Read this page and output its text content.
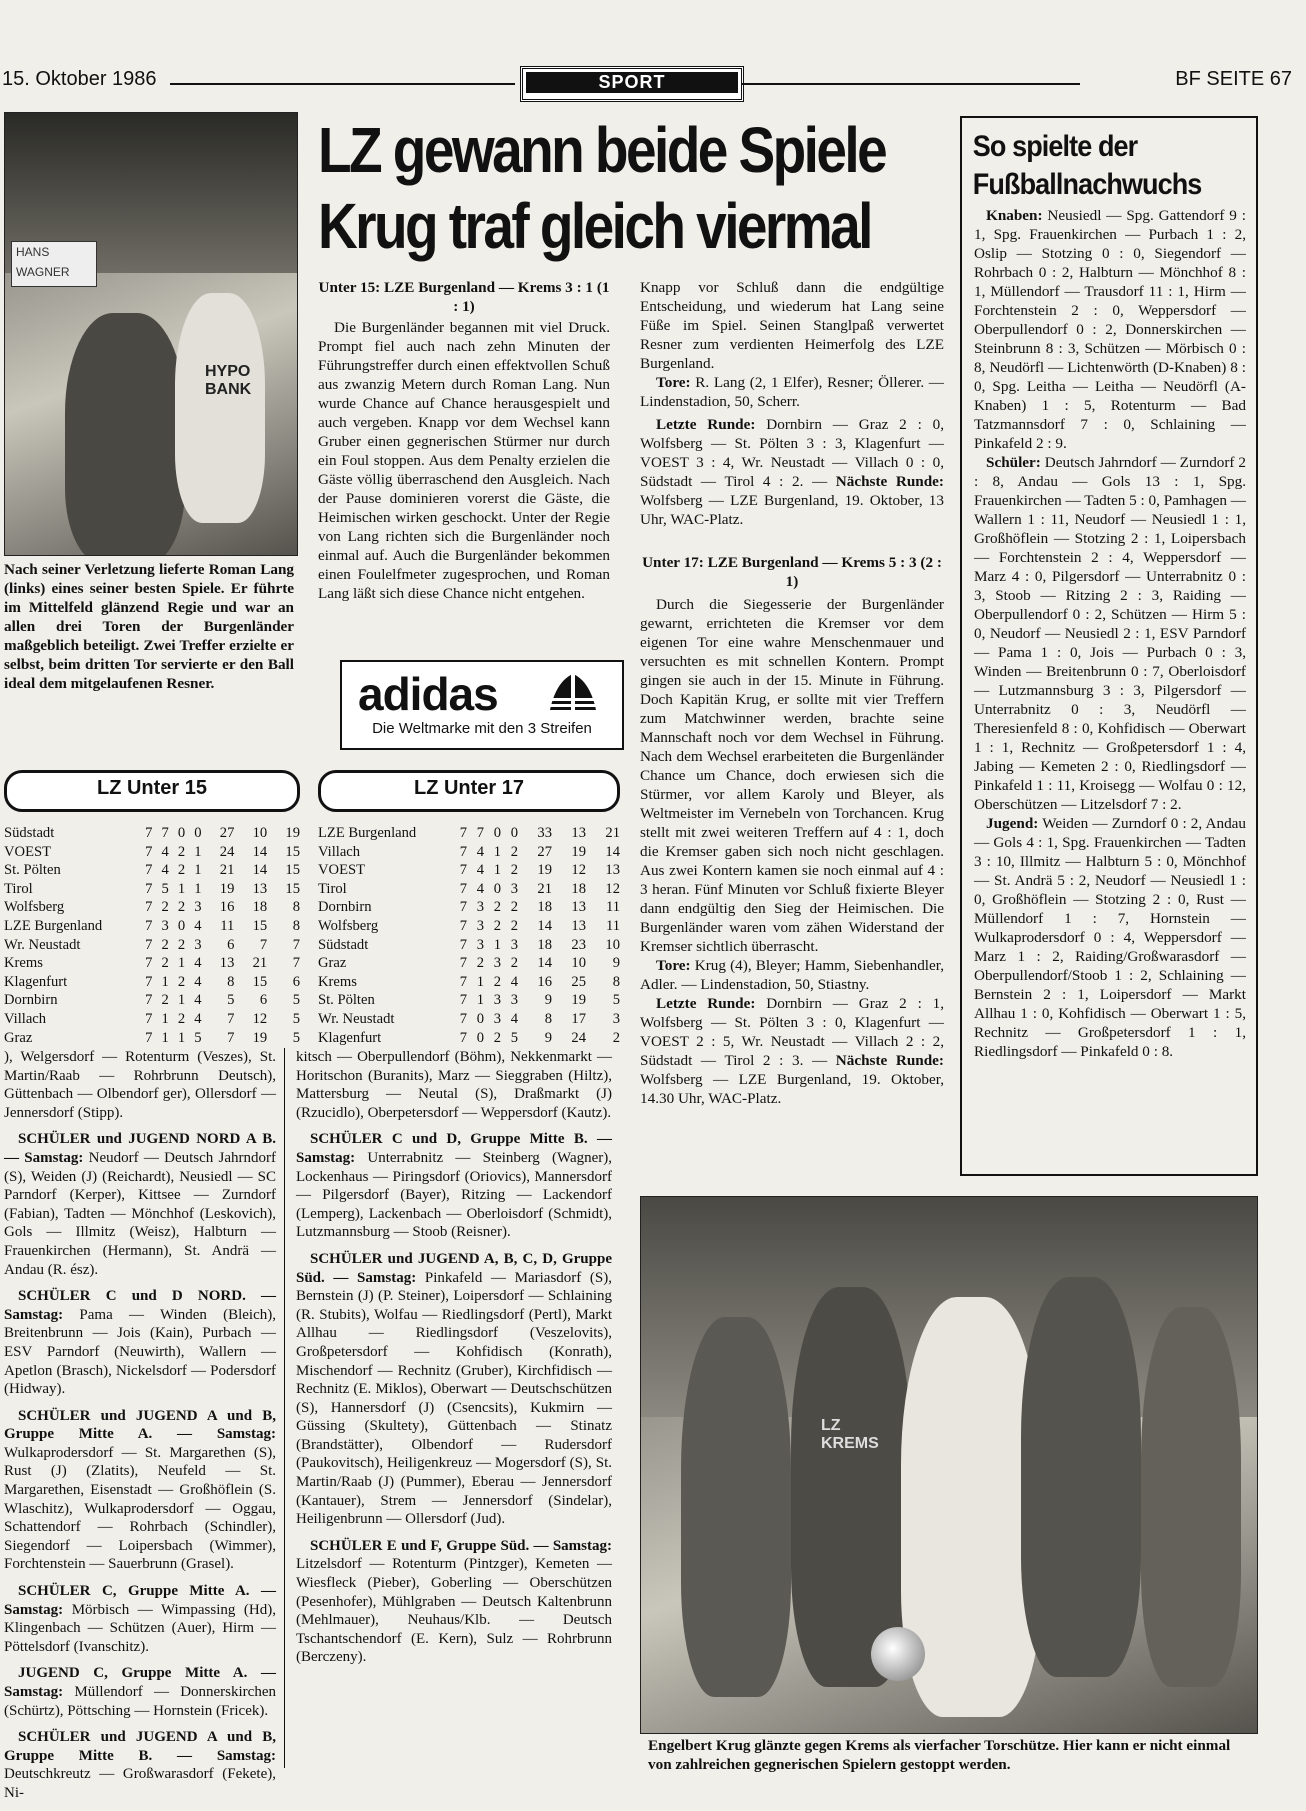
15. Oktober 1986	SPORT	BF SEITE 67
LZ gewann beide Spiele
Krug traf gleich viermal
HANS WAGNER
HYPO BANK
Nach seiner Verletzung lieferte Roman Lang (links) eines seiner besten Spiele. Er führte im Mittelfeld glänzend Regie und war an allen drei Toren der Burgenländer maßgeblich beteiligt. Zwei Treffer erzielte er selbst, beim dritten Tor servierte er den Ball ideal dem mitgelaufenen Resner.

Unter 15: LZE Burgenland — Krems 3 : 1 (1 : 1)

Die Burgenländer begannen mit viel Druck. Prompt fiel auch nach zehn Minuten der Führungstreffer durch einen effektvollen Schuß aus zwanzig Metern durch Roman Lang. Nun wurde Chance auf Chance herausgespielt und auch vergeben. Knapp vor dem Wechsel kann Gruber einen gegnerischen Stürmer nur durch ein Foul stoppen. Aus dem Penalty erzielen die Gäste völlig überraschend den Ausgleich. Nach der Pause dominieren vorerst die Gäste, die Heimischen wirken geschockt. Unter der Regie von Lang richten sich die Burgenländer noch einmal auf. Auch die Burgenländer bekommen einen Foulelfmeter zugesprochen, und Roman Lang läßt sich diese Chance nicht entgehen.

adidas
Die Weltmarke mit den 3 Streifen

Knapp vor Schluß dann die endgültige Entscheidung, und wiederum hat Lang seine Füße im Spiel. Seinen Stanglpaß verwertet Resner zum verdienten Heimerfolg des LZE Burgenland.

Tore: R. Lang (2, 1 Elfer), Resner; Öllerer. — Lindenstadion, 50, Scherr.

Letzte Runde: Dornbirn — Graz 2 : 0, Wolfsberg — St. Pölten 3 : 3, Klagenfurt — VOEST 3 : 4, Wr. Neustadt — Villach 0 : 0, Südstadt — Tirol 4 : 2. — Nächste Runde: Wolfsberg — LZE Burgenland, 19. Oktober, 13 Uhr, WAC-Platz.

Unter 17: LZE Burgenland — Krems 5 : 3 (2 : 1)

Durch die Siegesserie der Burgenländer gewarnt, errichteten die Kremser vor dem eigenen Tor eine wahre Menschenmauer und versuchten es mit schnellen Kontern. Prompt gingen sie auch in der 15. Minute in Führung. Doch Kapitän Krug, er sollte mit vier Treffern zum Matchwinner werden, brachte seine Mannschaft noch vor dem Wechsel in Führung. Nach dem Wechsel erarbeiteten die Burgenländer Chance um Chance, doch erwiesen sich die Stürmer, vor allem Karoly und Bleyer, als Weltmeister im Vernebeln von Torchancen. Krug stellt mit zwei weiteren Treffern auf 4 : 1, doch die Kremser gaben sich noch nicht geschlagen. Aus zwei Kontern kamen sie noch einmal auf 4 : 3 heran. Fünf Minuten vor Schluß fixierte Bleyer dann endgültig den Sieg der Heimischen. Die Burgenländer waren vom zähen Widerstand der Kremser sichtlich überrascht.

Tore: Krug (4), Bleyer; Hamm, Siebenhandler, Adler. — Lindenstadion, 50, Stiastny.

Letzte Runde: Dornbirn — Graz 2 : 1, Wolfsberg — St. Pölten 3 : 0, Klagenfurt — VOEST 2 : 5, Wr. Neustadt — Villach 2 : 2, Südstadt — Tirol 2 : 3. — Nächste Runde: Wolfsberg — LZE Burgenland, 19. Oktober, 14.30 Uhr, WAC-Platz.

So spielte der Fußballnachwuchs

Knaben: Neusiedl — Spg. Gattendorf 9 : 1, Spg. Frauenkirchen — Purbach 1 : 2, Oslip — Stotzing 0 : 0, Siegendorf — Rohrbach 0 : 2, Halbturn — Mönchhof 8 : 1, Müllendorf — Trausdorf 11 : 1, Hirm — Forchtenstein 2 : 0, Weppersdorf — Oberpullendorf 0 : 2, Donnerskirchen — Steinbrunn 8 : 3, Schützen — Mörbisch 0 : 8, Neudörfl — Lichtenwörth (D-Knaben) 8 : 0, Spg. Leitha — Leitha — Neudörfl (A-Knaben) 1 : 5, Rotenturm — Bad Tatzmannsdorf 7 : 0, Schlaining — Pinkafeld 2 : 9.

Schüler: Deutsch Jahrndorf — Zurndorf 2 : 8, Andau — Gols 13 : 1, Spg. Frauenkirchen — Tadten 5 : 0, Pamhagen — Wallern 1 : 11, Neudorf — Neusiedl 1 : 1, Großhöflein — Stotzing 2 : 1, Loipersbach — Forchtenstein 2 : 4, Weppersdorf — Marz 4 : 0, Pilgersdorf — Unterrabnitz 0 : 3, Stoob — Ritzing 2 : 3, Raiding — Oberpullendorf 0 : 2, Schützen — Hirm 5 : 0, Neudorf — Neusiedl 2 : 1, ESV Parndorf — Pama 1 : 0, Jois — Purbach 0 : 3, Winden — Breitenbrunn 0 : 7, Oberloisdorf — Lutzmannsburg 3 : 3, Pilgersdorf — Unterrabnitz 0 : 3, Neudörfl — Theresienfeld 8 : 0, Kohfidisch — Oberwart 1 : 1, Rechnitz — Großpetersdorf 1 : 4, Jabing — Kemeten 2 : 0, Riedlingsdorf — Pinkafeld 1 : 11, Kroisegg — Wolfau 0 : 12, Oberschützen — Litzelsdorf 7 : 2.

Jugend: Weiden — Zurndorf 0 : 2, Andau — Gols 4 : 1, Spg. Frauenkirchen — Tadten 3 : 10, Illmitz — Halbturn 5 : 0, Mönchhof — St. Andrä 5 : 2, Neudorf — Neusiedl 1 : 0, Großhöflein — Stotzing 2 : 0, Rust — Müllendorf 1 : 7, Hornstein — Wulkaprodersdorf 0 : 4, Weppersdorf — Marz 1 : 2, Raiding/Großwarasdorf — Oberpullendorf/Stoob 1 : 2, Schlaining — Bernstein 2 : 1, Loipersdorf — Markt Allhau 1 : 0, Kohfidisch — Oberwart 1 : 5, Rechnitz — Großpetersdorf 1 : 1, Riedlingsdorf — Pinkafeld 0 : 8.

LZ Unter 15
Südstadt	7	7	0	0	27	10	19
VOEST	7	4	2	1	24	14	15
St. Pölten	7	4	2	1	21	14	15
Tirol	7	5	1	1	19	13	15
Wolfsberg	7	2	2	3	16	18	8
LZE Burgenland	7	3	0	4	11	15	8
Wr. Neustadt	7	2	2	3	6	7	7
Krems	7	2	1	4	13	21	7
Klagenfurt	7	1	2	4	8	15	6
Dornbirn	7	2	1	4	5	6	5
Villach	7	1	2	4	7	12	5
Graz	7	1	1	5	7	19	5
LZ Unter 17
LZE Burgenland	7	7	0	0	33	13	21
Villach	7	4	1	2	27	19	14
VOEST	7	4	1	2	19	12	13
Tirol	7	4	0	3	21	18	12
Dornbirn	7	3	2	2	18	13	11
Wolfsberg	7	3	2	2	14	13	11
Südstadt	7	3	1	3	18	23	10
Graz	7	2	3	2	14	10	9
Krems	7	1	2	4	16	25	8
St. Pölten	7	1	3	3	9	19	5
Wr. Neustadt	7	0	3	4	8	17	3
Klagenfurt	7	0	2	5	9	24	2

), Welgersdorf — Rotenturm (Veszes), St. Martin/Raab — Rohrbrunn Deutsch), Güttenbach — Olbendorf ger), Ollersdorf — Jennersdorf (Stipp).

SCHÜLER und JUGEND NORD A B. — Samstag: Neudorf — Deutsch Jahrndorf (S), Weiden (J) (Reichardt), Neusiedl — SC Parndorf (Kerper), Kittsee — Zurndorf (Fabian), Tadten — Mönchhof (Leskovich), Gols — Illmitz (Weisz), Halbturn — Frauenkirchen (Hermann), St. Andrä — Andau (R. ész).

SCHÜLER C und D NORD. — Samstag: Pama — Winden (Bleich), Breitenbrunn — Jois (Kain), Purbach — ESV Parndorf (Neuwirth), Wallern — Apetlon (Brasch), Nickelsdorf — Podersdorf (Hidway).

SCHÜLER und JUGEND A und B, Gruppe Mitte A. — Samstag: Wulkaprodersdorf — St. Margarethen (S), Rust (J) (Zlatits), Neufeld — St. Margarethen, Eisenstadt — Großhöflein (S. Wlaschitz), Wulkaprodersdorf — Oggau, Schattendorf — Rohrbach (Schindler), Siegendorf — Loipersbach (Wimmer), Forchtenstein — Sauerbrunn (Grasel).

SCHÜLER C, Gruppe Mitte A. — Samstag: Mörbisch — Wimpassing (Hd), Klingenbach — Schützen (Auer), Hirm — Pöttelsdorf (Ivanschitz).

JUGEND C, Gruppe Mitte A. — Samstag: Müllendorf — Donnerskirchen (Schürtz), Pöttsching — Hornstein (Fricek).

SCHÜLER und JUGEND A und B, Gruppe Mitte B. — Samstag: Deutschkreutz — Großwarasdorf (Fekete), Ni-

kitsch — Oberpullendorf (Böhm), Nekkenmarkt — Horitschon (Buranits), Marz — Sieggraben (Hiltz), Mattersburg — Neutal (S), Draßmarkt (J) (Rzucidlo), Oberpetersdorf — Weppersdorf (Kautz).

SCHÜLER C und D, Gruppe Mitte B. — Samstag: Unterrabnitz — Steinberg (Wagner), Lockenhaus — Piringsdorf (Oriovics), Mannersdorf — Pilgersdorf (Bayer), Ritzing — Lackendorf (Lemperg), Lackenbach — Oberloisdorf (Schmidt), Lutzmannsburg — Stoob (Reisner).

SCHÜLER und JUGEND A, B, C, D, Gruppe Süd. — Samstag: Pinkafeld — Mariasdorf (S), Bernstein (J) (P. Steiner), Loipersdorf — Schlaining (R. Stubits), Wolfau — Riedlingsdorf (Pertl), Markt Allhau — Riedlingsdorf (Veszelovits), Großpetersdorf — Kohfidisch (Konrath), Mischendorf — Rechnitz (Gruber), Kirchfidisch — Rechnitz (E. Miklos), Oberwart — Deutschschützen (S), Hannersdorf (J) (Csencsits), Kukmirn — Güssing (Skultety), Güttenbach — Stinatz (Brandstätter), Olbendorf — Rudersdorf (Paukovitsch), Heiligenkreuz — Mogersdorf (S), St. Martin/Raab (J) (Pummer), Eberau — Jennersdorf (Kantauer), Strem — Jennersdorf (Sindelar), Heiligenbrunn — Ollersdorf (Jud).

SCHÜLER E und F, Gruppe Süd. — Samstag: Litzelsdorf — Rotenturm (Pintzger), Kemeten — Wiesfleck (Pieber), Goberling — Oberschützen (Pesenhofer), Mühlgraben — Deutsch Kaltenbrunn (Mehlmauer), Neuhaus/Klb. — Deutsch Tschantschendorf (E. Kern), Sulz — Rohrbrunn (Berczeny).

LZ KREMS
Engelbert Krug glänzte gegen Krems als vierfacher Torschütze. Hier kann er nicht einmal von zahlreichen gegnerischen Spielern gestoppt werden.
